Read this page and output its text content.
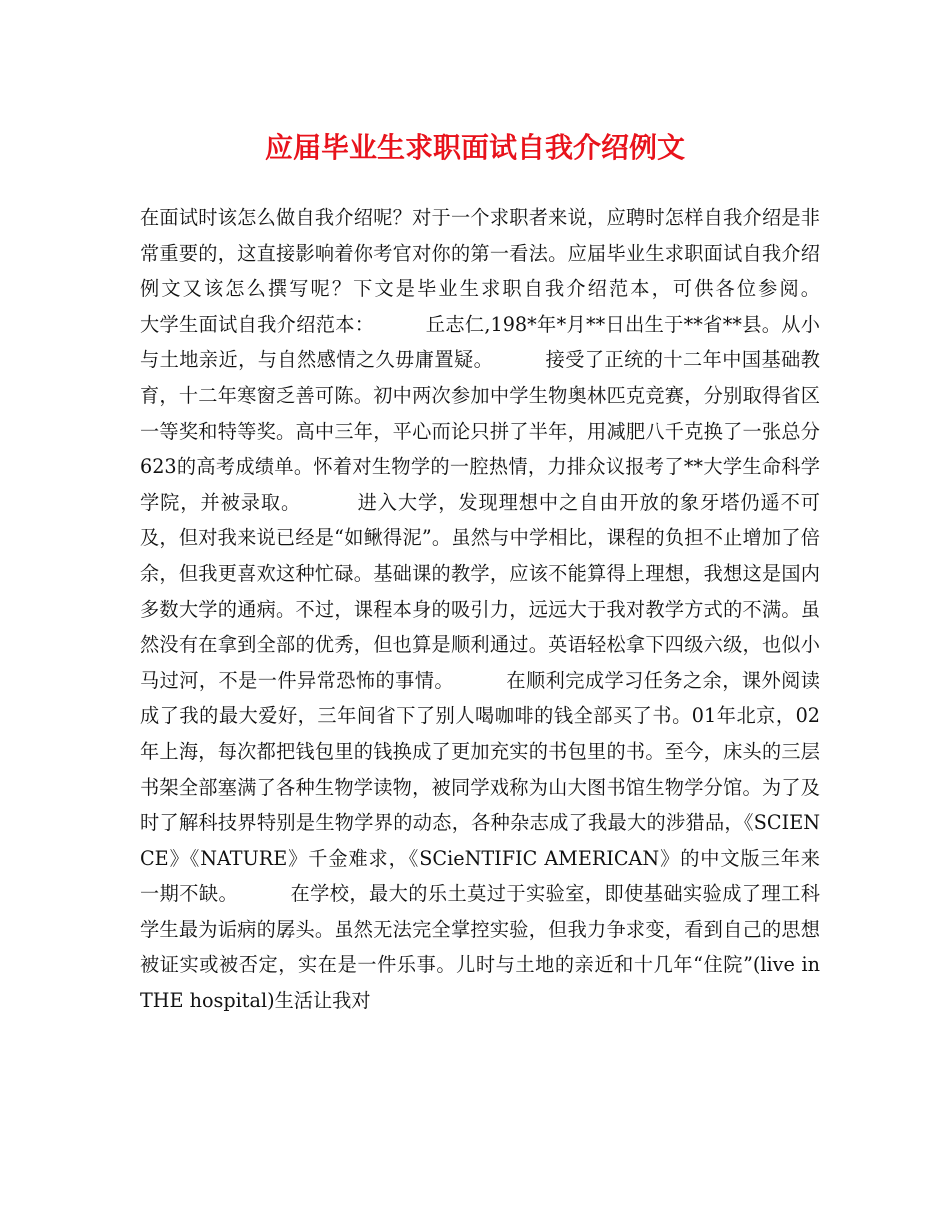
应届毕业生求职面试自我介绍例文

在面试时该怎么做自我介绍呢？对于一个求职者来说，应聘时怎样自我介绍是非常重要的，这直接影响着你考官对你的第一看法。应届毕业生求职面试自我介绍例文又该怎么撰写呢？下文是毕业生求职自我介绍范本，可供各位参阅。        大学生面试自我介绍范本：        丘志仁,198*年*月**日出生于**省**县。从小与土地亲近，与自然感情之久毋庸置疑。        接受了正统的十二年中国基础教育，十二年寒窗乏善可陈。初中两次参加中学生物奥林匹克竞赛，分别取得省区一等奖和特等奖。高中三年，平心而论只拼了半年，用减肥八千克换了一张总分623的高考成绩单。怀着对生物学的一腔热情，力排众议报考了**大学生命科学学院，并被录取。        进入大学，发现理想中之自由开放的象牙塔仍遥不可及，但对我来说已经是“如鳅得泥”。虽然与中学相比，课程的负担不止增加了倍余，但我更喜欢这种忙碌。基础课的教学，应该不能算得上理想，我想这是国内多数大学的通病。不过，课程本身的吸引力，远远大于我对教学方式的不满。虽然没有在拿到全部的优秀，但也算是顺利通过。英语轻松拿下四级六级，也似小马过河，不是一件异常恐怖的事情。        在顺利完成学习任务之余，课外阅读成了我的最大爱好，三年间省下了别人喝咖啡的钱全部买了书。01年北京，02年上海，每次都把钱包里的钱换成了更加充实的书包里的书。至今，床头的三层书架全部塞满了各种生物学读物，被同学戏称为山大图书馆生物学分馆。为了及时了解科技界特别是生物学界的动态，各种杂志成了我最大的涉猎品，《SCIENCE》《NATURE》千金难求，《SCieNTIFIC AMERICAN》的中文版三年来一期不缺。        在学校，最大的乐土莫过于实验室，即使基础实验成了理工科学生最为诟病的孱头。虽然无法完全掌控实验，但我力争求变，看到自己的思想被证实或被否定，实在是一件乐事。儿时与土地的亲近和十几年“住院”(live in THE hospital)生活让我对
